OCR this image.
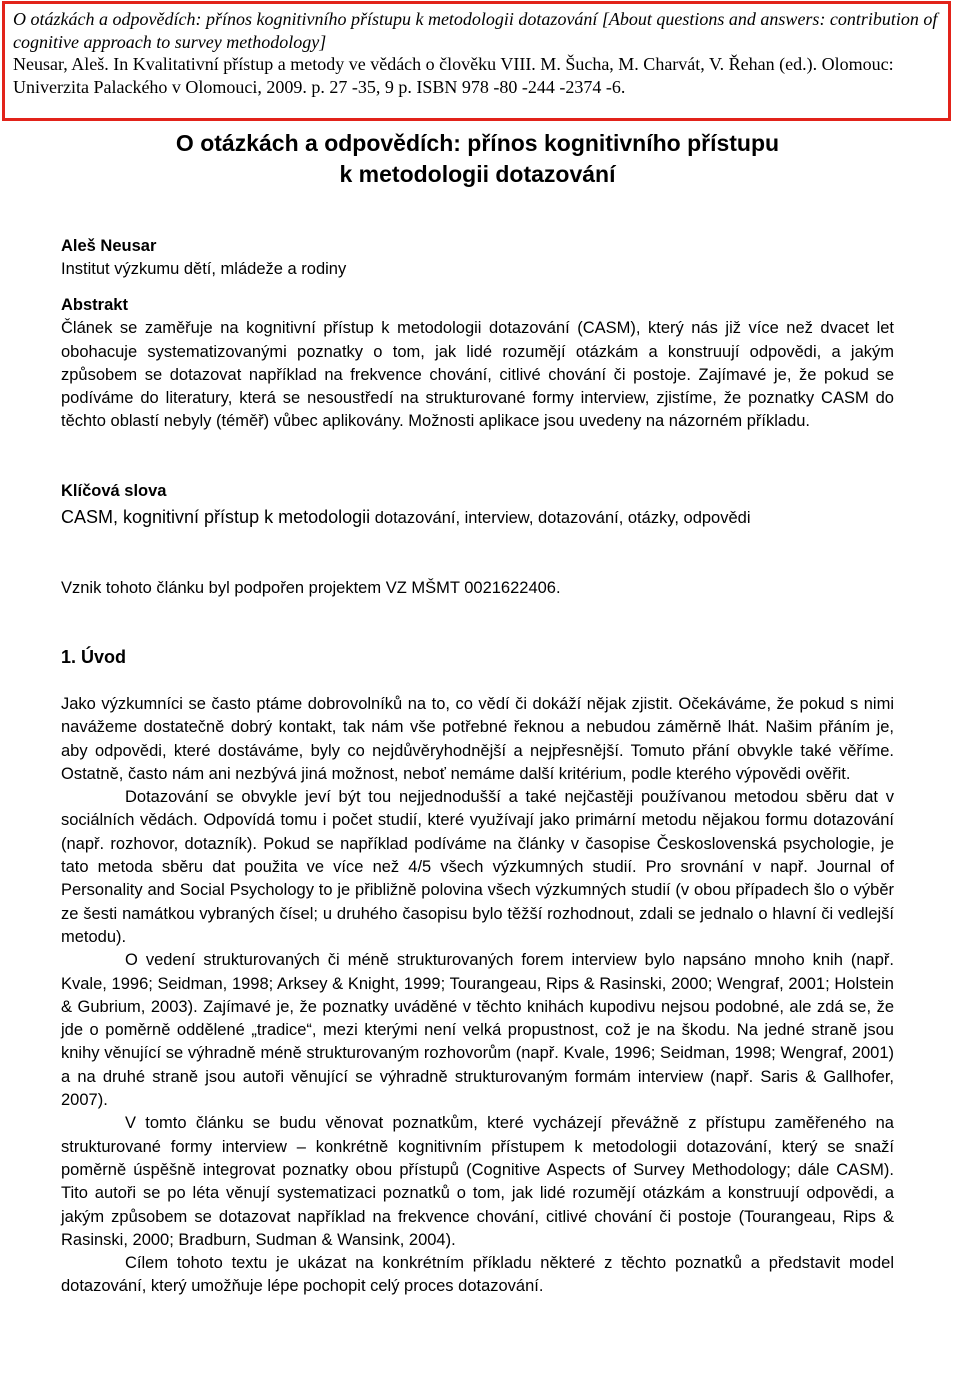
O otázkách a odpovědích: přínos kognitivního přístupu k metodologii dotazování [About questions and answers: contribution of cognitive approach to survey methodology]
Neusar, Aleš. In Kvalitativní přístup a metody ve vědách o člověku VIII. M. Šucha, M. Charvát, V. Řehan (ed.). Olomouc: Univerzita Palackého v Olomouci, 2009. p. 27 -35, 9 p. ISBN 978 -80 -244 -2374 -6.
O otázkách a odpovědích: přínos kognitivního přístupu
k metodologii dotazování
Aleš Neusar
Institut výzkumu dětí, mládeže a rodiny
Abstrakt
Článek se zaměřuje na kognitivní přístup k metodologii dotazování (CASM), který nás již více než dvacet let obohacuje systematizovanými poznatky o tom, jak lidé rozumějí otázkám a konstruují odpovědi, a jakým způsobem se dotazovat například na frekvence chování, citlivé chování či postoje. Zajímavé je, že pokud se podíváme do literatury, která se nesoustředí na strukturované formy interview, zjistíme, že poznatky CASM do těchto oblastí nebyly (téměř) vůbec aplikovány. Možnosti aplikace jsou uvedeny na názorném příkladu.
Klíčová slova
CASM, kognitivní přístup k metodologii dotazování, interview, dotazování, otázky, odpovědi
Vznik tohoto článku byl podpořen projektem VZ MŠMT 0021622406.
1. Úvod

Jako výzkumníci se často ptáme dobrovolníků na to, co vědí či dokáží nějak zjistit. Očekáváme, že pokud s nimi navážeme dostatečně dobrý kontakt, tak nám vše potřebné řeknou a nebudou záměrně lhát. Našim přáním je, aby odpovědi, které dostáváme, byly co nejdůvěryhodnější a nejpřesnější. Tomuto přání obvykle také věříme. Ostatně, často nám ani nezbývá jiná možnost, neboť nemáme další kritérium, podle kterého výpovědi ověřit.

Dotazování se obvykle jeví být tou nejjednodušší a také nejčastěji používanou metodou sběru dat v sociálních vědách. Odpovídá tomu i počet studií, které využívají jako primární metodu nějakou formu dotazování (např. rozhovor, dotazník). Pokud se například podíváme na články v časopise Československá psychologie, je tato metoda sběru dat použita ve více než 4/5 všech výzkumných studií. Pro srovnání v např. Journal of Personality and Social Psychology to je přibližně polovina všech výzkumných studií (v obou případech šlo o výběr ze šesti namátkou vybraných čísel; u druhého časopisu bylo těžší rozhodnout, zdali se jednalo o hlavní či vedlejší metodu).

O vedení strukturovaných či méně strukturovaných forem interview bylo napsáno mnoho knih (např. Kvale, 1996; Seidman, 1998; Arksey & Knight, 1999; Tourangeau, Rips & Rasinski, 2000; Wengraf, 2001; Holstein & Gubrium, 2003). Zajímavé je, že poznatky uváděné v těchto knihách kupodivu nejsou podobné, ale zdá se, že jde o poměrně oddělené „tradice“, mezi kterými není velká propustnost, což je na škodu. Na jedné straně jsou knihy věnující se výhradně méně strukturovaným rozhovorům (např. Kvale, 1996; Seidman, 1998; Wengraf, 2001) a na druhé straně jsou autoři věnující se výhradně strukturovaným formám interview (např. Saris & Gallhofer, 2007).

V tomto článku se budu věnovat poznatkům, které vycházejí převážně z přístupu zaměřeného na strukturované formy interview – konkrétně kognitivním přístupem k metodologii dotazování, který se snaží poměrně úspěšně integrovat poznatky obou přístupů (Cognitive Aspects of Survey Methodology; dále CASM). Tito autoři se po léta věnují systematizaci poznatků o tom, jak lidé rozumějí otázkám a konstruují odpovědi, a jakým způsobem se dotazovat například na frekvence chování, citlivé chování či postoje (Tourangeau, Rips & Rasinski, 2000; Bradburn, Sudman & Wansink, 2004).

Cílem tohoto textu je ukázat na konkrétním příkladu některé z těchto poznatků a představit model dotazování, který umožňuje lépe pochopit celý proces dotazování.
